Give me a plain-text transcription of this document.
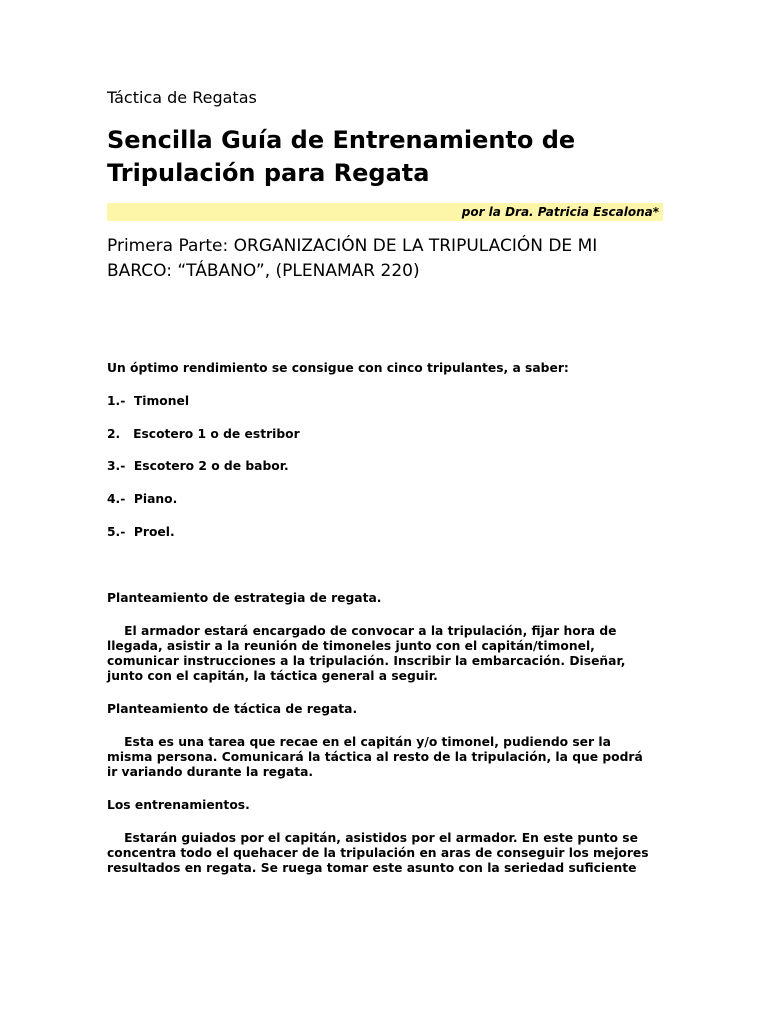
Táctica de Regatas
Sencilla Guía de Entrenamiento de
Tripulación para Regata
por la Dra. Patricia Escalona*
Primera Parte: ORGANIZACIÓN DE LA TRIPULACIÓN DE MI
BARCO: “TÁBANO”, (PLENAMAR 220)

Un óptimo rendimiento se consigue con cinco tripulantes, a saber:

1.-  Timonel

2.   Escotero 1 o de estribor

3.-  Escotero 2 o de babor.

4.-  Piano.

5.-  Proel.

Planteamiento de estrategia de regata.

El armador estará encargado de convocar a la tripulación, fijar hora de
llegada, asistir a la reunión de timoneles junto con el capitán/timonel,
comunicar instrucciones a la tripulación. Inscribir la embarcación. Diseñar,
junto con el capitán, la táctica general a seguir.

Planteamiento de táctica de regata.

Esta es una tarea que recae en el capitán y/o timonel, pudiendo ser la
misma persona. Comunicará la táctica al resto de la tripulación, la que podrá
ir variando durante la regata.

Los entrenamientos.

Estarán guiados por el capitán, asistidos por el armador. En este punto se
concentra todo el quehacer de la tripulación en aras de conseguir los mejores
resultados en regata. Se ruega tomar este asunto con la seriedad suficiente
